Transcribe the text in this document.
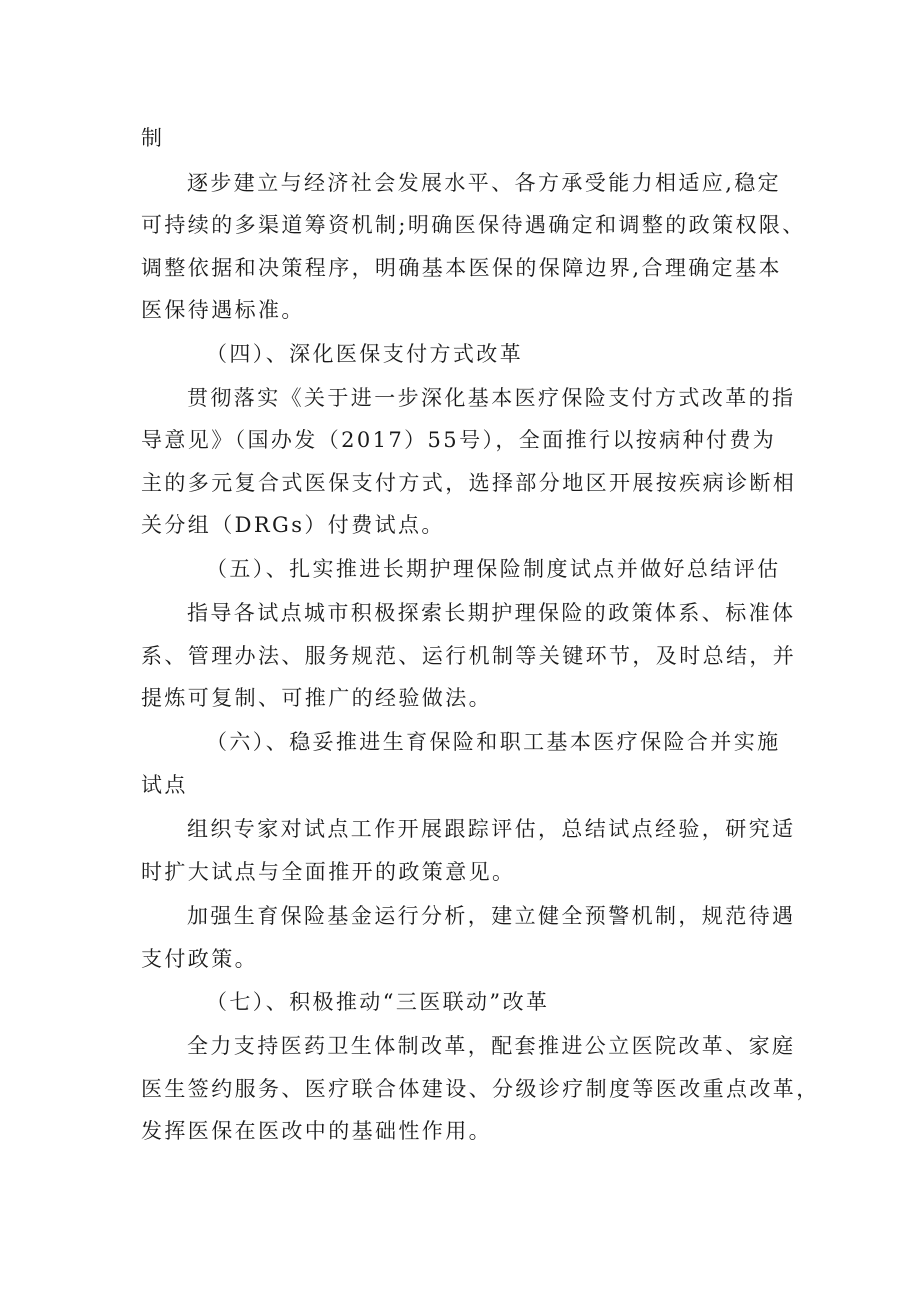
制
逐步建立与经济社会发展水平、各方承受能力相适应,稳定
可持续的多渠道筹资机制;明确医保待遇确定和调整的政策权限、
调整依据和决策程序，明确基本医保的保障边界,合理确定基本
医保待遇标准。
（四）、深化医保支付方式改革
贯彻落实《关于进一步深化基本医疗保险支付方式改革的指
导意见》（国办发（2017）55号），全面推行以按病种付费为
主的多元复合式医保支付方式，选择部分地区开展按疾病诊断相
关分组（DRGs）付费试点。
（五）、扎实推进长期护理保险制度试点并做好总结评估
指导各试点城市积极探索长期护理保险的政策体系、标准体
系、管理办法、服务规范、运行机制等关键环节，及时总结，并
提炼可复制、可推广的经验做法。
（六）、稳妥推进生育保险和职工基本医疗保险合并实施
试点
组织专家对试点工作开展跟踪评估，总结试点经验，研究适
时扩大试点与全面推开的政策意见。
加强生育保险基金运行分析，建立健全预警机制，规范待遇
支付政策。
（七）、积极推动“三医联动”改革
全力支持医药卫生体制改革，配套推进公立医院改革、家庭
医生签约服务、医疗联合体建设、分级诊疗制度等医改重点改革，
发挥医保在医改中的基础性作用。
